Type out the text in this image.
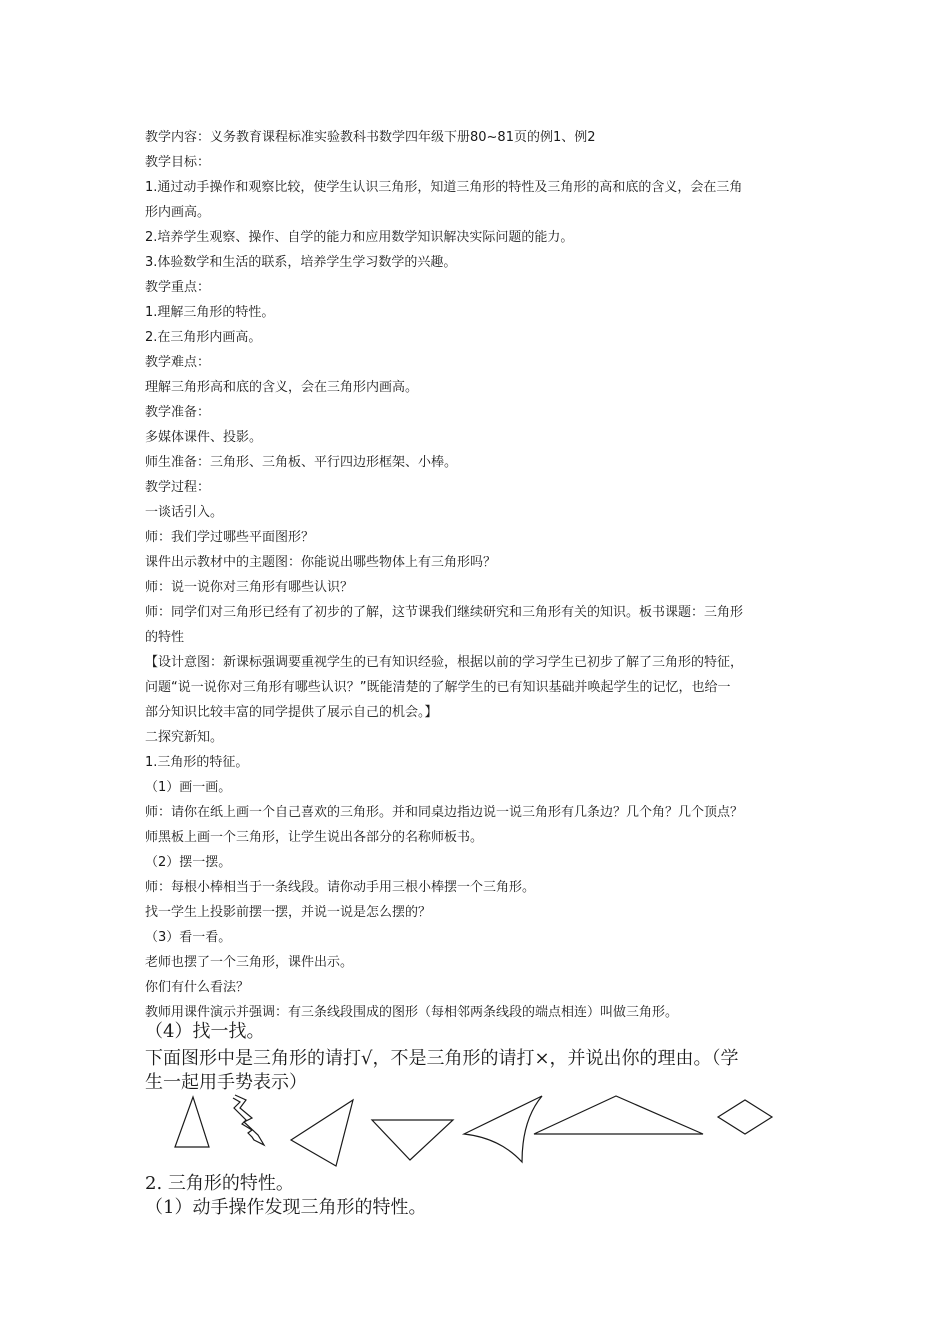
教学内容：义务教育课程标准实验教科书数学四年级下册80~81页的例1、例2

教学目标：

1.通过动手操作和观察比较，使学生认识三角形，知道三角形的特性及三角形的高和底的含义，会在三角

形内画高。

2.培养学生观察、操作、自学的能力和应用数学知识解决实际问题的能力。

3.体验数学和生活的联系，培养学生学习数学的兴趣。

教学重点：

1.理解三角形的特性。

2.在三角形内画高。

教学难点：

理解三角形高和底的含义，会在三角形内画高。

教学准备：

多媒体课件、投影。

师生准备：三角形、三角板、平行四边形框架、小棒。

教学过程：

一谈话引入。

师：我们学过哪些平面图形？

课件出示教材中的主题图：你能说出哪些物体上有三角形吗？

师：说一说你对三角形有哪些认识？

师：同学们对三角形已经有了初步的了解，这节课我们继续研究和三角形有关的知识。板书课题：三角形

的特性

【设计意图：新课标强调要重视学生的已有知识经验，根据以前的学习学生已初步了解了三角形的特征，

问题“说一说你对三角形有哪些认识？”既能清楚的了解学生的已有知识基础并唤起学生的记忆，也给一

部分知识比较丰富的同学提供了展示自己的机会。】

二探究新知。

1.三角形的特征。

（1）画一画。

师：请你在纸上画一个自己喜欢的三角形。并和同桌边指边说一说三角形有几条边？几个角？几个顶点？

师黑板上画一个三角形，让学生说出各部分的名称师板书。

（2）摆一摆。

师：每根小棒相当于一条线段。请你动手用三根小棒摆一个三角形。

找一学生上投影前摆一摆，并说一说是怎么摆的？

（3）看一看。

老师也摆了一个三角形，课件出示。

你们有什么看法？

教师用课件演示并强调：有三条线段围成的图形（每相邻两条线段的端点相连）叫做三角形。

（4）找一找。

下面图形中是三角形的请打√，不是三角形的请打×，并说出你的理由。（学

生一起用手势表示）

2. 三角形的特性。

（1）动手操作发现三角形的特性。
